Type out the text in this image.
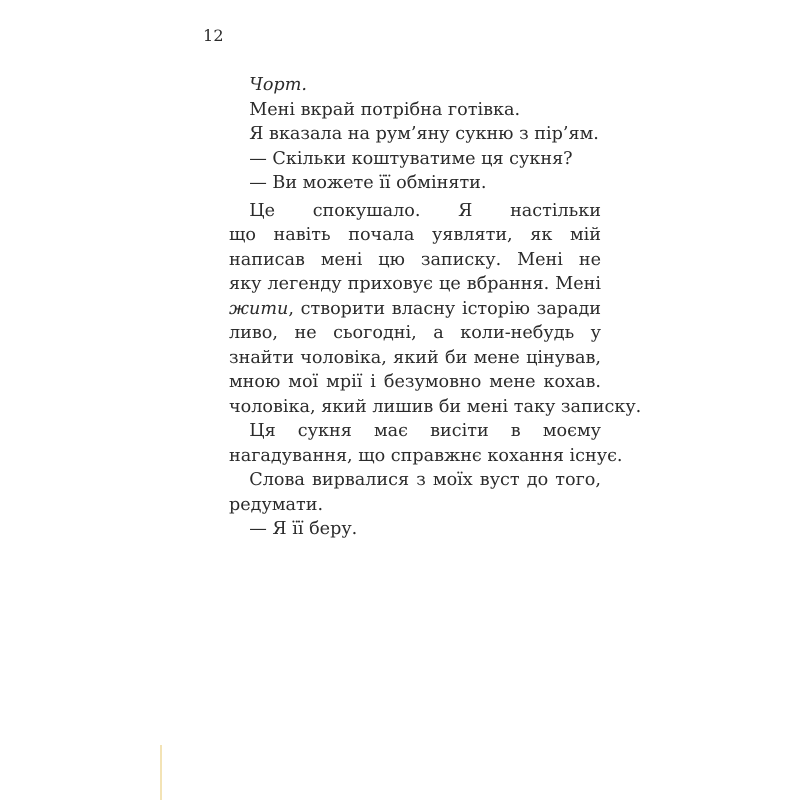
12
Чорт.
Мені вкрай потрібна готівка.
Я вказала на рум’яну сукню з пір’ям.
— Скільки коштуватиме ця сукня?
— Ви можете її обміняти.
Це спокушало. Я настільки
що навіть почала уявляти, як мій
написав мені цю записку. Мені не
яку легенду приховує це вбрання. Мені
жити, створити власну історію заради
ливо, не сьогодні, а коли-небудь у
знайти чоловіка, який би мене цінував,
мною мої мрії і безумовно мене кохав.
чоловіка, який лишив би мені таку записку.
Ця сукня має висіти в моєму
нагадування, що справжнє кохання існує.
Слова вирвалися з моїх вуст до того,
редумати.
— Я її беру.
